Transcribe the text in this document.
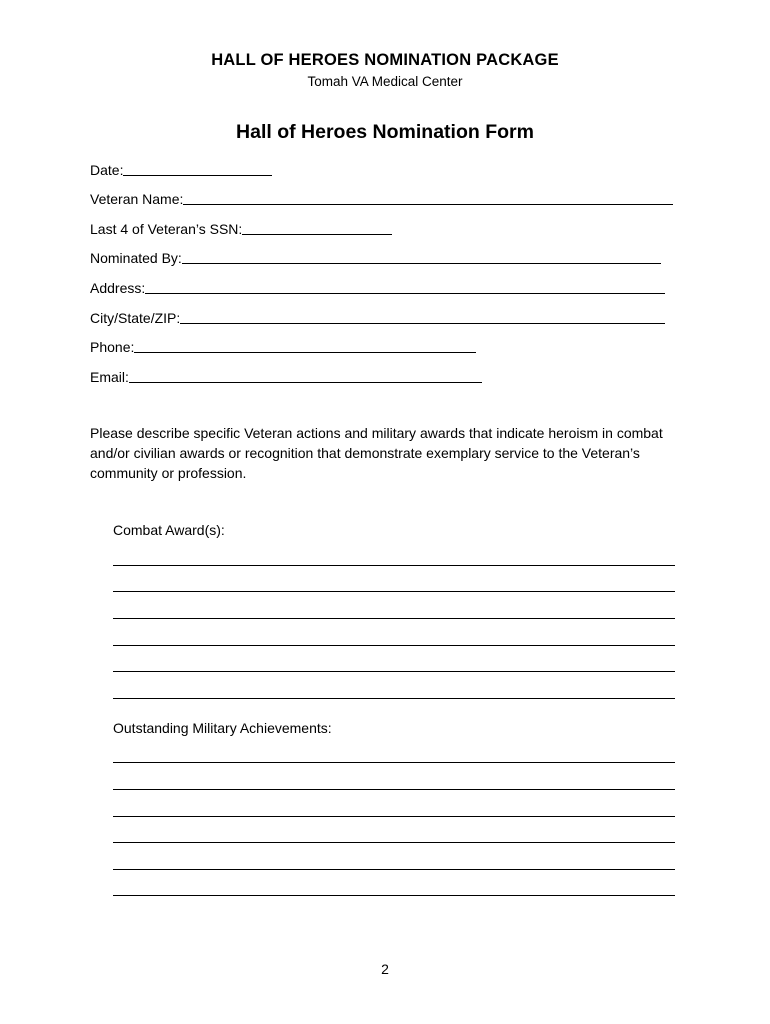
HALL OF HEROES NOMINATION PACKAGE
Tomah VA Medical Center
Hall of Heroes Nomination Form
Date:
Veteran Name:
Last 4 of Veteran’s SSN:
Nominated By:
Address:
City/State/ZIP:
Phone:
Email:
Please describe specific Veteran actions and military awards that indicate heroism in combat and/or civilian awards or recognition that demonstrate exemplary service to the Veteran’s community or profession.
Combat Award(s):
Outstanding Military Achievements:
2
